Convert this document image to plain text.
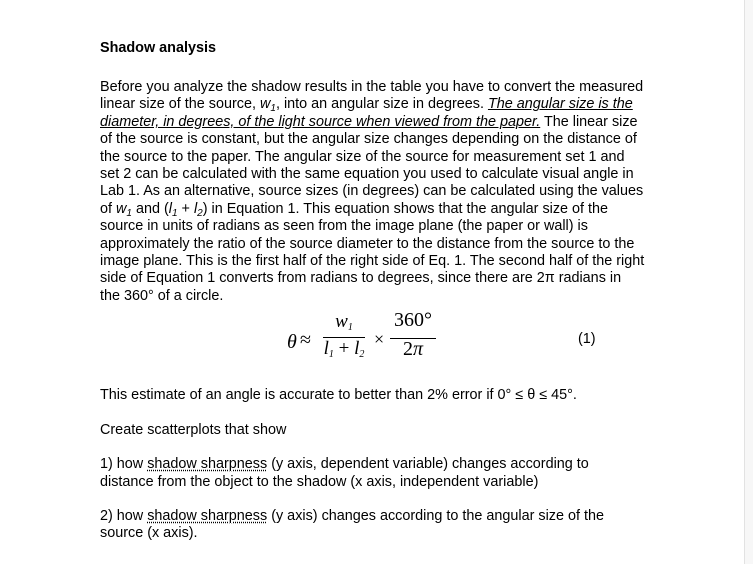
Shadow analysis

Before you analyze the shadow results in the table you have to convert the measured linear size of the source, $w_1$, into an angular size in degrees. The angular size is the diameter, in degrees, of the light source when viewed from the paper. The linear size of the source is constant, but the angular size changes depending on the distance of the source to the paper. The angular size of the source for measurement set 1 and set 2 can be calculated with the same equation you used to calculate visual angle in Lab 1. As an alternative, source sizes (in degrees) can be calculated using the values of $w_1$ and $(l_1 + l_2)$ in Equation 1. This equation shows that the angular size of the source in units of radians as seen from the image plane (the paper or wall) is approximately the ratio of the source diameter to the distance from the source to the image plane. This is the first half of the right side of Eq. 1. The second half of the right side of Equation 1 converts from radians to degrees, since there are 2π radians in the 360° of a circle.

θ ≈
$w_1$
$l_1 + l_2$
×
360°
2π	(1)

This estimate of an angle is accurate to better than 2% error if 0° ≤ θ ≤ 45°.

Create scatterplots that show

1) how shadow sharpness (y axis, dependent variable) changes according to distance from the object to the shadow (x axis, independent variable)

2) how shadow sharpness (y axis) changes according to the angular size of the source (x axis).
